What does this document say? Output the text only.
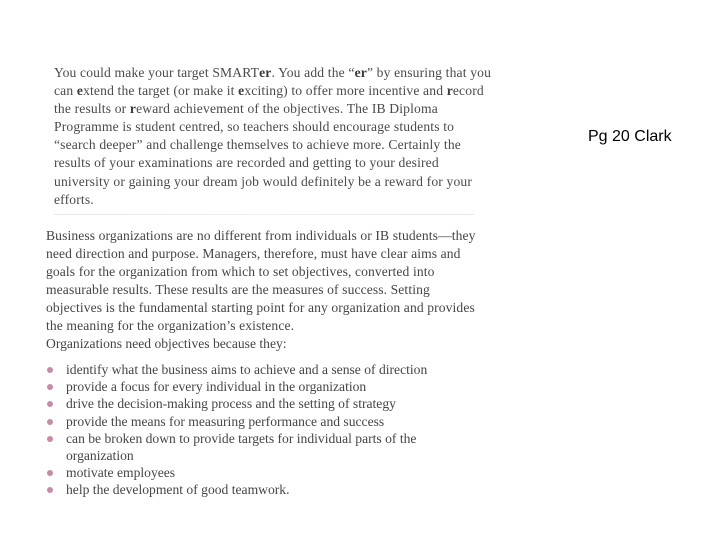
You could make your target SMARTer. You add the “er” by ensuring that you can extend the target (or make it exciting) to offer more incentive and record the results or reward achievement of the objectives. The IB Diploma Programme is student centred, so teachers should encourage students to “search deeper” and challenge themselves to achieve more. Certainly the results of your examinations are recorded and getting to your desired university or gaining your dream job would definitely be a reward for your efforts.

Business organizations are no different from individuals or IB students—they need direction and purpose. Managers, therefore, must have clear aims and goals for the organization from which to set objectives, converted into measurable results. These results are the measures of success. Setting objectives is the fundamental starting point for any organization and provides the meaning for the organization’s existence.

Organizations need objectives because they:

identify what the business aims to achieve and a sense of direction
provide a focus for every individual in the organization
drive the decision-making process and the setting of strategy
provide the means for measuring performance and success
can be broken down to provide targets for individual parts of the organization
motivate employees
help the development of good teamwork.
Pg 20 Clark
